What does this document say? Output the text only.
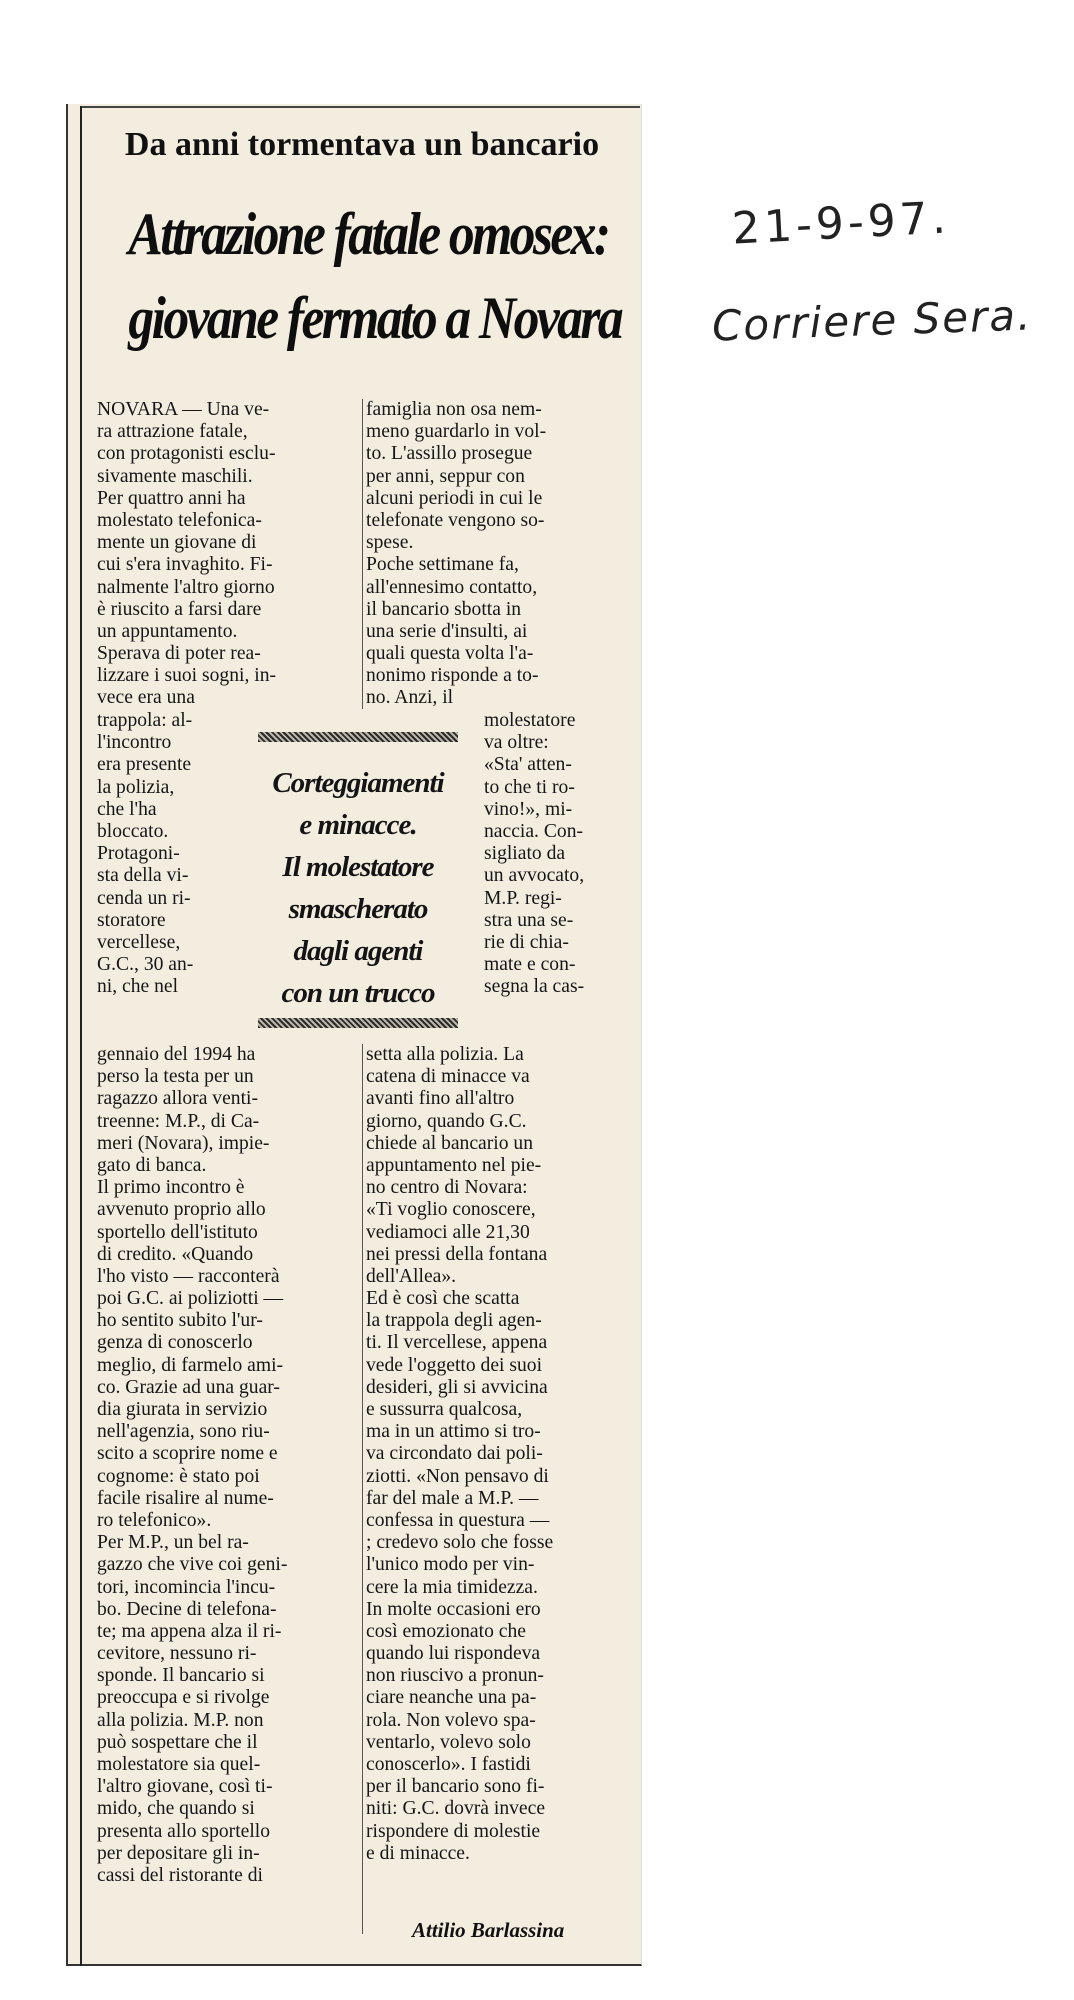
Da anni tormentava un bancario
Attrazione fatale omosex:
giovane fermato a Novara
NOVARA — Una ve-
ra attrazione fatale,
con protagonisti esclu-
sivamente maschili.
Per quattro anni ha
molestato telefonica-
mente un giovane di
cui s'era invaghito. Fi-
nalmente l'altro giorno
è riuscito a farsi dare
un appuntamento.
Sperava di poter rea-
lizzare i suoi sogni, in-
vece era una
trappola: al-
l'incontro
era presente
la polizia,
che l'ha
bloccato.
Protagoni-
sta della vi-
cenda un ri-
storatore
vercellese,
G.C., 30 an-
ni, che nel
gennaio del 1994 ha
perso la testa per un
ragazzo allora venti-
treenne: M.P., di Ca-
meri (Novara), impie-
gato di banca.
Il primo incontro è
avvenuto proprio allo
sportello dell'istituto
di credito. «Quando
l'ho visto — racconterà
poi G.C. ai poliziotti —
ho sentito subito l'ur-
genza di conoscerlo
meglio, di farmelo ami-
co. Grazie ad una guar-
dia giurata in servizio
nell'agenzia, sono riu-
scito a scoprire nome e
cognome: è stato poi
facile risalire al nume-
ro telefonico».
Per M.P., un bel ra-
gazzo che vive coi geni-
tori, incomincia l'incu-
bo. Decine di telefona-
te; ma appena alza il ri-
cevitore, nessuno ri-
sponde. Il bancario si
preoccupa e si rivolge
alla polizia. M.P. non
può sospettare che il
molestatore sia quel-
l'altro giovane, così ti-
mido, che quando si
presenta allo sportello
per depositare gli in-
cassi del ristorante di
famiglia non osa nem-
meno guardarlo in vol-
to. L'assillo prosegue
per anni, seppur con
alcuni periodi in cui le
telefonate vengono so-
spese.
Poche settimane fa,
all'ennesimo contatto,
il bancario sbotta in
una serie d'insulti, ai
quali questa volta l'a-
nonimo risponde a to-
no. Anzi, il
molestatore
va oltre:
«Sta' atten-
to che ti ro-
vino!», mi-
naccia. Con-
sigliato da
un avvocato,
M.P. regi-
stra una se-
rie di chia-
mate e con-
segna la cas-
setta alla polizia. La
catena di minacce va
avanti fino all'altro
giorno, quando G.C.
chiede al bancario un
appuntamento nel pie-
no centro di Novara:
«Ti voglio conoscere,
vediamoci alle 21,30
nei pressi della fontana
dell'Allea».
Ed è così che scatta
la trappola degli agen-
ti. Il vercellese, appena
vede l'oggetto dei suoi
desideri, gli si avvicina
e sussurra qualcosa,
ma in un attimo si tro-
va circondato dai poli-
ziotti. «Non pensavo di
far del male a M.P. —
confessa in questura —
; credevo solo che fosse
l'unico modo per vin-
cere la mia timidezza.
In molte occasioni ero
così emozionato che
quando lui rispondeva
non riuscivo a pronun-
ciare neanche una pa-
rola. Non volevo spa-
ventarlo, volevo solo
conoscerlo». I fastidi
per il bancario sono fi-
niti: G.C. dovrà invece
rispondere di molestie
e di minacce.
Corteggiamenti
e minacce.
Il molestatore
smascherato
dagli agenti
con un trucco
Attilio Barlassina
21-9-97.
Corriere Sera.
